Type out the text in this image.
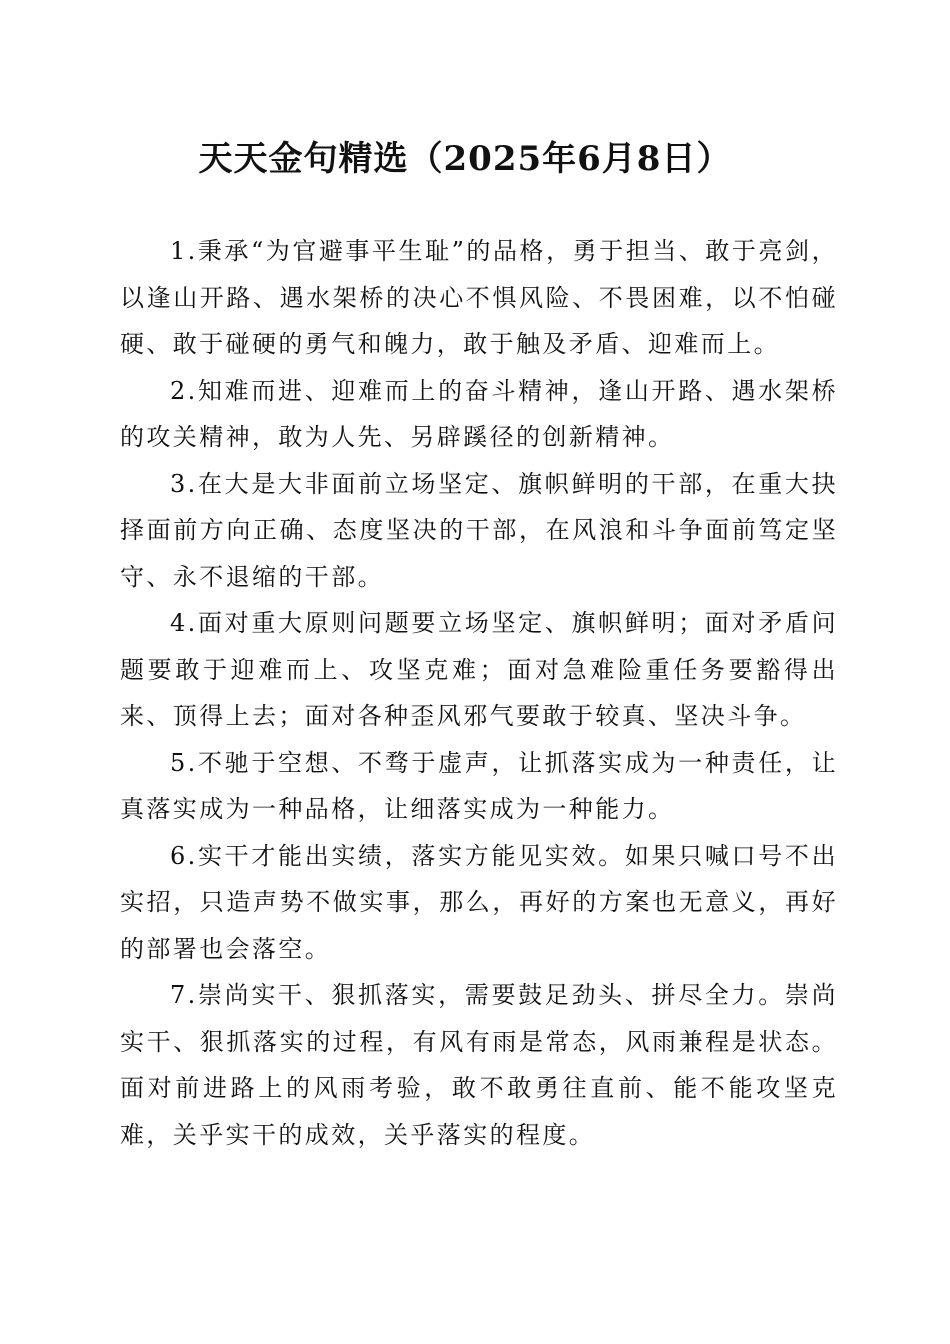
天天金句精选（2025年6月8日）

1.秉承“为官避事平生耻”的品格，勇于担当、敢于亮剑，以逢山开路、遇水架桥的决心不惧风险、不畏困难，以不怕碰硬、敢于碰硬的勇气和魄力，敢于触及矛盾、迎难而上。

2.知难而进、迎难而上的奋斗精神，逢山开路、遇水架桥的攻关精神，敢为人先、另辟蹊径的创新精神。

3.在大是大非面前立场坚定、旗帜鲜明的干部，在重大抉择面前方向正确、态度坚决的干部，在风浪和斗争面前笃定坚守、永不退缩的干部。

4.面对重大原则问题要立场坚定、旗帜鲜明；面对矛盾问题要敢于迎难而上、攻坚克难；面对急难险重任务要豁得出来、顶得上去；面对各种歪风邪气要敢于较真、坚决斗争。

5.不驰于空想、不骛于虚声，让抓落实成为一种责任，让真落实成为一种品格，让细落实成为一种能力。

6.实干才能出实绩，落实方能见实效。如果只喊口号不出实招，只造声势不做实事，那么，再好的方案也无意义，再好的部署也会落空。

7.崇尚实干、狠抓落实，需要鼓足劲头、拼尽全力。崇尚实干、狠抓落实的过程，有风有雨是常态，风雨兼程是状态。面对前进路上的风雨考验，敢不敢勇往直前、能不能攻坚克难，关乎实干的成效，关乎落实的程度。
